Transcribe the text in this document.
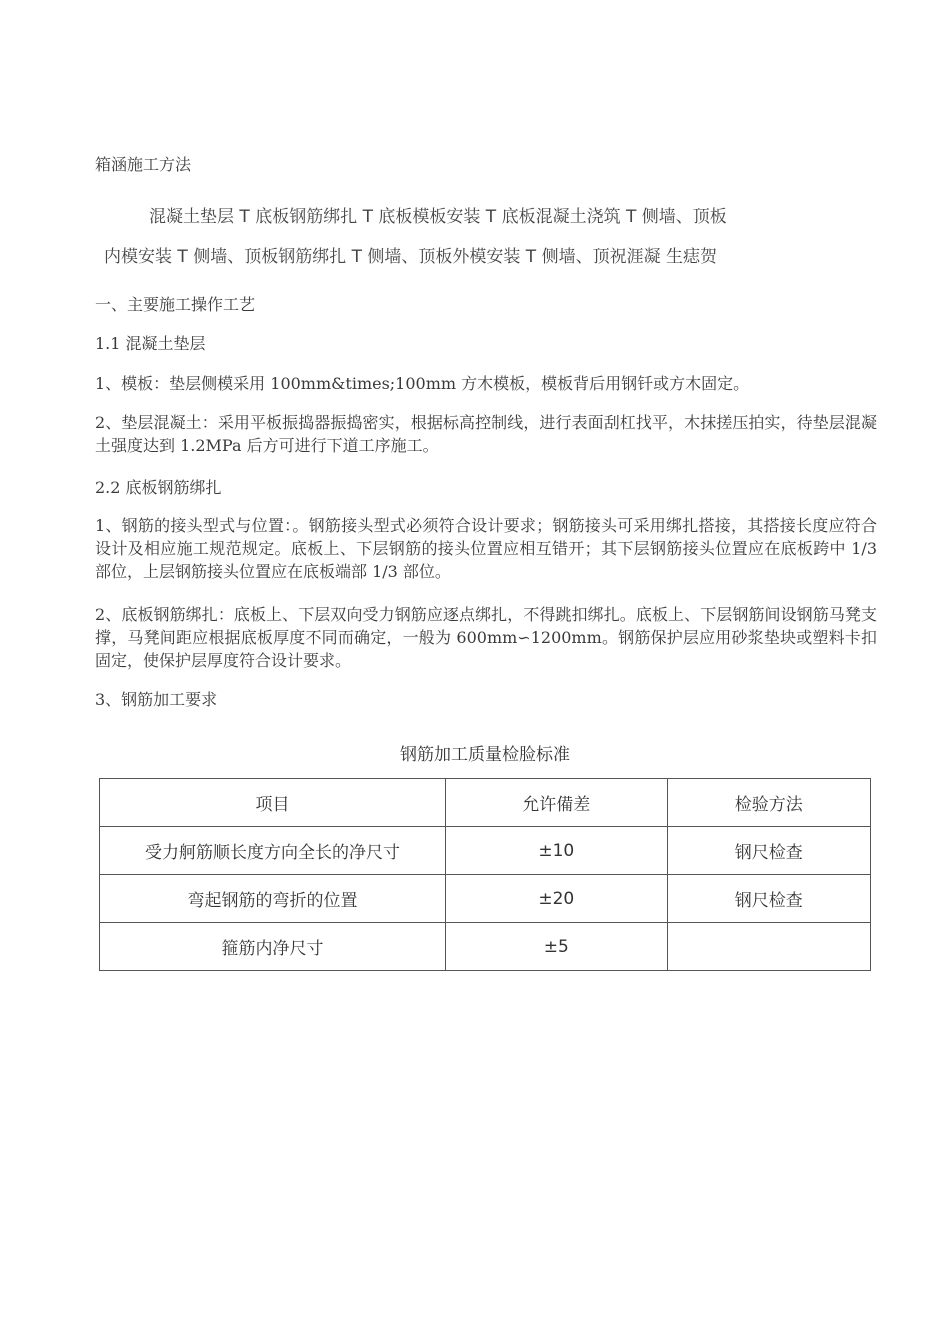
箱涵施工方法
混凝土垫层 T 底板钢筋绑扎 T 底板模板安装 T 底板混凝土浇筑 T 侧墙、顶板
内模安装 T 侧墙、顶板钢筋绑扎 T 侧墙、顶板外模安装 T 侧墙、顶祝涯凝 生痣贺
一、主要施工操作工艺
1.1 混凝土垫层
1、模板：垫层侧模采用 100mm&times;100mm 方木模板，模板背后用钢钎或方木固定。
2、垫层混凝土：采用平板振捣器振捣密实，根据标高控制线，进行表面刮杠找平，木抹搓压拍实，待垫层混凝土强度达到 1.2MPa 后方可进行下道工序施工。
2.2 底板钢筋绑扎
1、钢筋的接头型式与位置：。钢筋接头型式必须符合设计要求；钢筋接头可采用绑扎搭接，其搭接长度应符合设计及相应施工规范规定。底板上、下层钢筋的接头位置应相互错开；其下层钢筋接头位置应在底板跨中 1/3 部位，上层钢筋接头位置应在底板端部 1/3 部位。
2、底板钢筋绑扎：底板上、下层双向受力钢筋应逐点绑扎，不得跳扣绑扎。底板上、下层钢筋间设钢筋马凳支撑，马凳间距应根据底板厚度不同而确定，一般为 600mm∽1200mm。钢筋保护层应用砂浆垫块或塑料卡扣固定，使保护层厚度符合设计要求。
3、钢筋加工要求
钢筋加工质量检脸标准
项目	允许備差	检验方法
受力舸筋顺长度方向全长的净尺寸	±10	钢尺检查
弯起钢筋的弯折的位置	±20	钢尺检查
箍筋内净尺寸	±5	
